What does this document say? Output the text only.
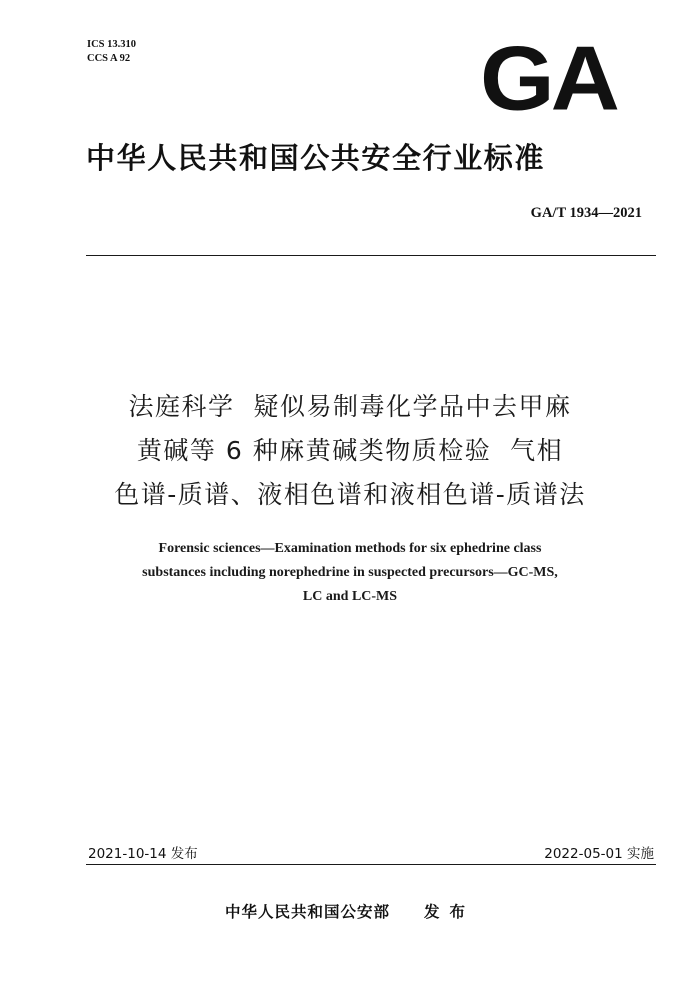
ICS 13.310
CCS A 92	GA
中华人民共和国公共安全行业标准
GA/T 1934—2021
法庭科学  疑似易制毒化学品中去甲麻
黄碱等 6 种麻黄碱类物质检验  气相
色谱-质谱、液相色谱和液相色谱-质谱法
Forensic sciences—Examination methods for six ephedrine class
substances including norephedrine in suspected precursors—GC-MS,
LC and LC-MS
2021-10-14 发布	2022-05-01 实施
中华人民共和国公安部 发布
